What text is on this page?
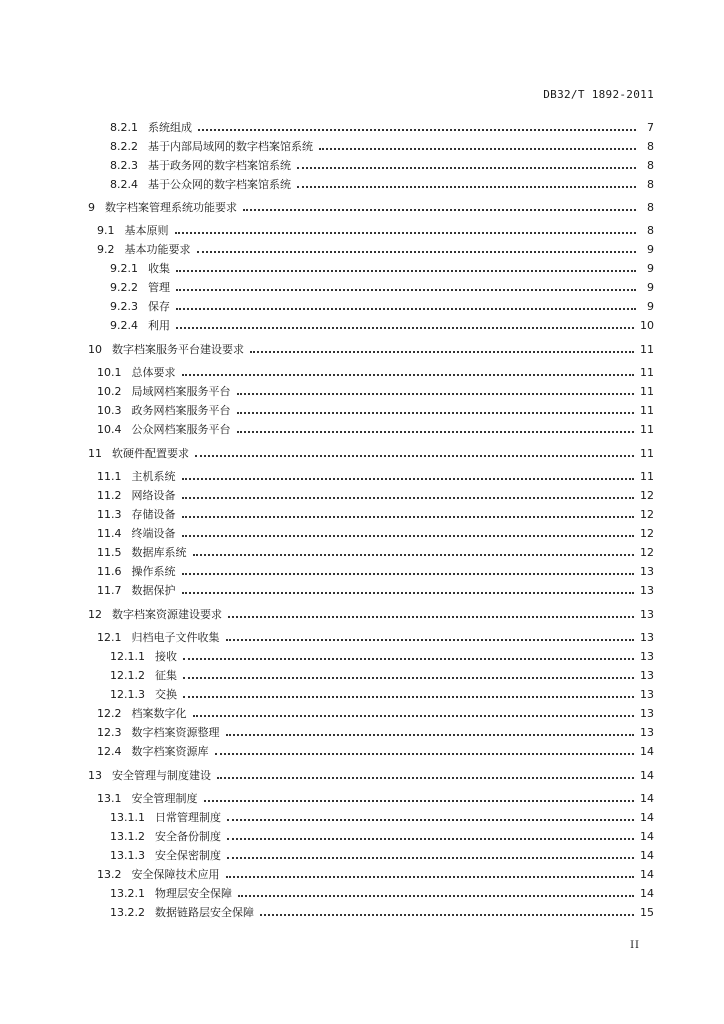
DB32/T 1892-2011
8.2.1 系统组成	7
8.2.2 基于内部局域网的数字档案馆系统	8
8.2.3 基于政务网的数字档案馆系统	8
8.2.4 基于公众网的数字档案馆系统	8
9 数字档案管理系统功能要求	8
9.1 基本原则	8
9.2 基本功能要求	9
9.2.1 收集	9
9.2.2 管理	9
9.2.3 保存	9
9.2.4 利用	10
10 数字档案服务平台建设要求	11
10.1 总体要求	11
10.2 局域网档案服务平台	11
10.3 政务网档案服务平台	11
10.4 公众网档案服务平台	11
11 软硬件配置要求	11
11.1 主机系统	11
11.2 网络设备	12
11.3 存储设备	12
11.4 终端设备	12
11.5 数据库系统	12
11.6 操作系统	13
11.7 数据保护	13
12 数字档案资源建设要求	13
12.1 归档电子文件收集	13
12.1.1 接收	13
12.1.2 征集	13
12.1.3 交换	13
12.2 档案数字化	13
12.3 数字档案资源整理	13
12.4 数字档案资源库	14
13 安全管理与制度建设	14
13.1 安全管理制度	14
13.1.1 日常管理制度	14
13.1.2 安全备份制度	14
13.1.3 安全保密制度	14
13.2 安全保障技术应用	14
13.2.1 物理层安全保障	14
13.2.2 数据链路层安全保障	15
II
